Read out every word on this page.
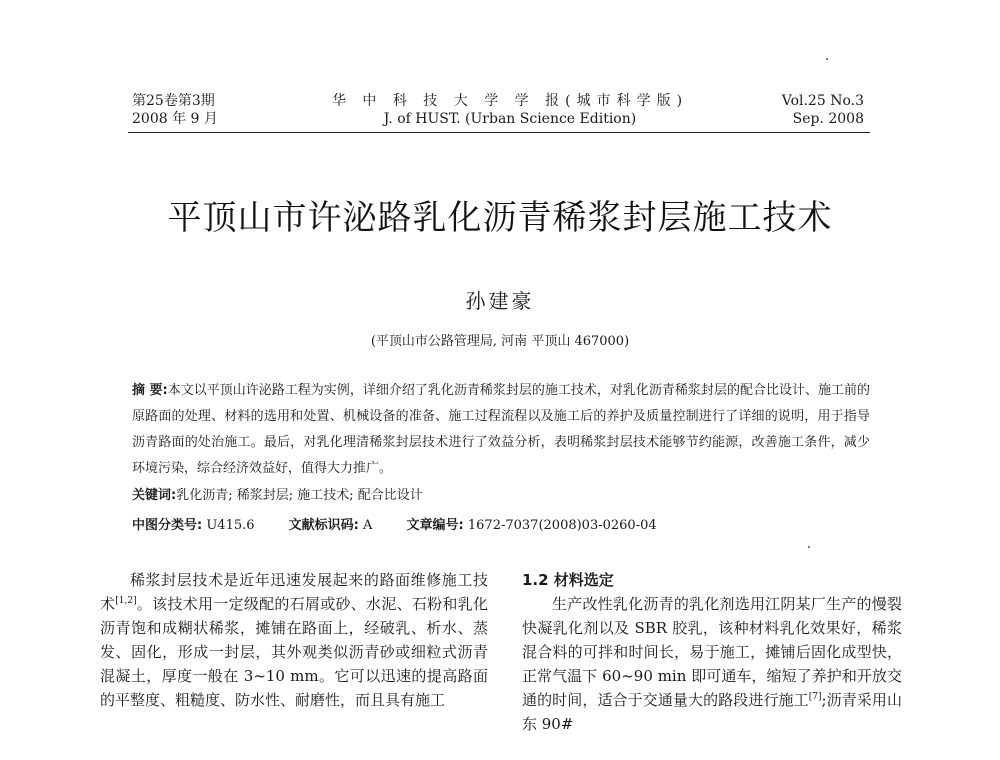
第25卷第3期
2008 年 9 月
华 中 科 技 大 学 学 报(城市科学版)
J. of HUST. (Urban Science Edition)
Vol.25 No.3
Sep. 2008
平顶山市许泌路乳化沥青稀浆封层施工技术
孙建豪
(平顶山市公路管理局, 河南 平顶山 467000)
摘 要:本文以平顶山许泌路工程为实例，详细介绍了乳化沥青稀浆封层的施工技术，对乳化沥青稀浆封层的配合比设计、施工前的原路面的处理、材料的选用和处置、机械设备的准备、施工过程流程以及施工后的养护及质量控制进行了详细的说明，用于指导沥青路面的处治施工。最后，对乳化理清稀浆封层技术进行了效益分析，表明稀浆封层技术能够节约能源，改善施工条件，减少环境污染，综合经济效益好，值得大力推广。
关键词:乳化沥青; 稀浆封层; 施工技术; 配合比设计
中图分类号: U415.6	文献标识码: A	文章编号: 1672-7037(2008)03-0260-04
稀浆封层技术是近年迅速发展起来的路面维修施工技术[1,2]。该技术用一定级配的石屑或砂、水泥、石粉和乳化沥青饱和成糊状稀浆，摊铺在路面上，经破乳、析水、蒸发、固化，形成一封层，其外观类似沥青砂或细粒式沥青混凝土，厚度一般在 3~10 mm。它可以迅速的提高路面的平整度、粗糙度、防水性、耐磨性，而且具有施工
1.2 材料选定
生产改性乳化沥青的乳化剂选用江阴某厂生产的慢裂快凝乳化剂以及 SBR 胶乳，该种材料乳化效果好，稀浆混合料的可拌和时间长，易于施工，摊铺后固化成型快，正常气温下 60~90 min 即可通车，缩短了养护和开放交通的时间，适合于交通量大的路段进行施工[7];沥青采用山东 90#
